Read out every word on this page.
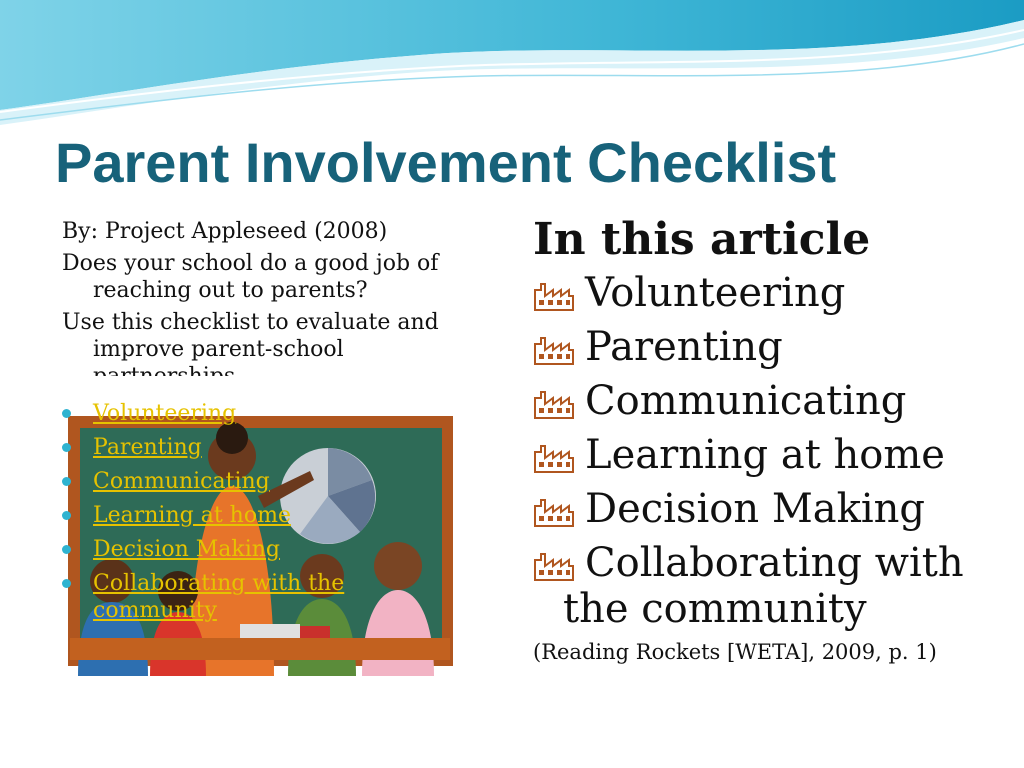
Parent Involvement Checklist

By: Project Appleseed (2008)

Does your school do a good job of reaching out to parents?

Use this checklist to evaluate and improve parent-school

Volunteering
Parenting
Communicating
Learning at home
Decision Making
Collaborating with the community
In this article
Volunteering
Parenting
Communicating
Learning at home
Decision Making
Collaborating with
the community
(Reading Rockets [WETA], 2009, p. 1)
